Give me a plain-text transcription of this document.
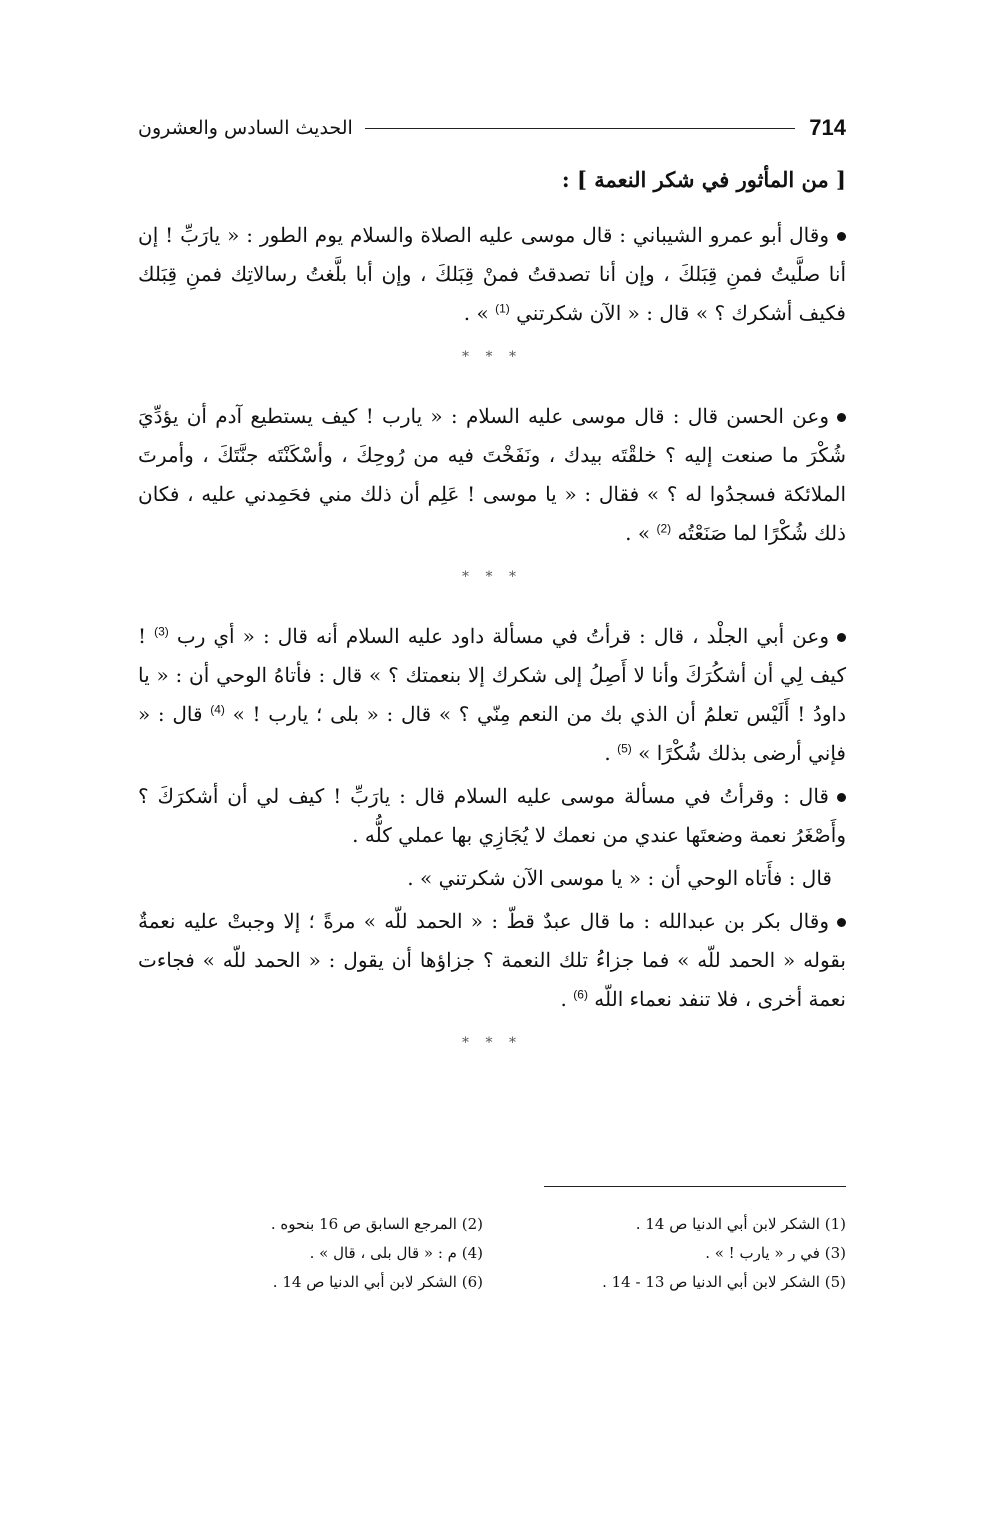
الحديث السادس والعشرون	714
[ من المأثور في شكر النعمة ] :

وقال أبو عمرو الشيباني : قال موسى عليه الصلاة والسلام يوم الطور : « يارَبِّ ! إن أنا صلَّيتُ فمنِ قِبَلكَ ، وإن أنا تصدقتُ فمنْ قِبَلكَ ، وإن أبا بلَّغتُ رسالاتِك فمنِ قِبَلك فكيف أشكرك ؟ » قال : « الآن شكرتني $^{(1)}$ » .

* * *

وعن الحسن قال : قال موسى عليه السلام : « يارب ! كيف يستطيع آدم أن يؤدِّيَ شُكْرَ ما صنعت إليه ؟ خلقْتَه بيدك ، ونَفَخْتَ فيه من رُوحِكَ ، وأسْكَنْتَه جنَّتَكَ ، وأمرتَ الملائكة فسجدُوا له ؟ » فقال : « يا موسى ! عَلِم أن ذلك مني فحَمِدني عليه ، فكان ذلك شُكْرًا لما صَنَعْتُه $^{(2)}$ » .

* * *

وعن أبي الجلْد ، قال : قرأتُ في مسألة داود عليه السلام أنه قال : « أي رب $^{(3)}$ ! كيف لِي أن أشكُرَكَ وأنا لا أَصِلُ إلى شكرك إلا بنعمتك ؟ » قال : فأتاهُ الوحي أن : « يا داودُ ! أَلَيْس تعلمُ أن الذي بك من النعم مِنّي ؟ » قال : « بلى ؛ يارب ! » $^{(4)}$ قال : « فإني أرضى بذلك شُكْرًا » $^{(5)}$ .

قال : وقرأتُ في مسألة موسى عليه السلام قال : يارَبِّ ! كيف لي أن أشكرَكَ ؟ وأَصْغَرُ نعمة وضعتَها عندي من نعمك لا يُجَازِي بها عملي كلُّه .

قال : فأَتاه الوحي أن : « يا موسى الآن شكرتني » .

وقال بكر بن عبدالله : ما قال عبدٌ قطّ : « الحمد للّه » مرةً ؛ إلا وجبتْ عليه نعمةٌ بقوله « الحمد للّه » فما جزاءُ تلك النعمة ؟ جزاؤها أن يقول : « الحمد للّه » فجاءت نعمة أخرى ، فلا تنفد نعماء اللّه $^{(6)}$ .

* * *
(1) الشكر لابن أبي الدنيا ص 14 .
(2) المرجع السابق ص 16 بنحوه .
(3) في ر « يارب ! » .
(4) م : « قال بلى ، قال » .
(5) الشكر لابن أبي الدنيا ص 13 - 14 .
(6) الشكر لابن أبي الدنيا ص 14 .
